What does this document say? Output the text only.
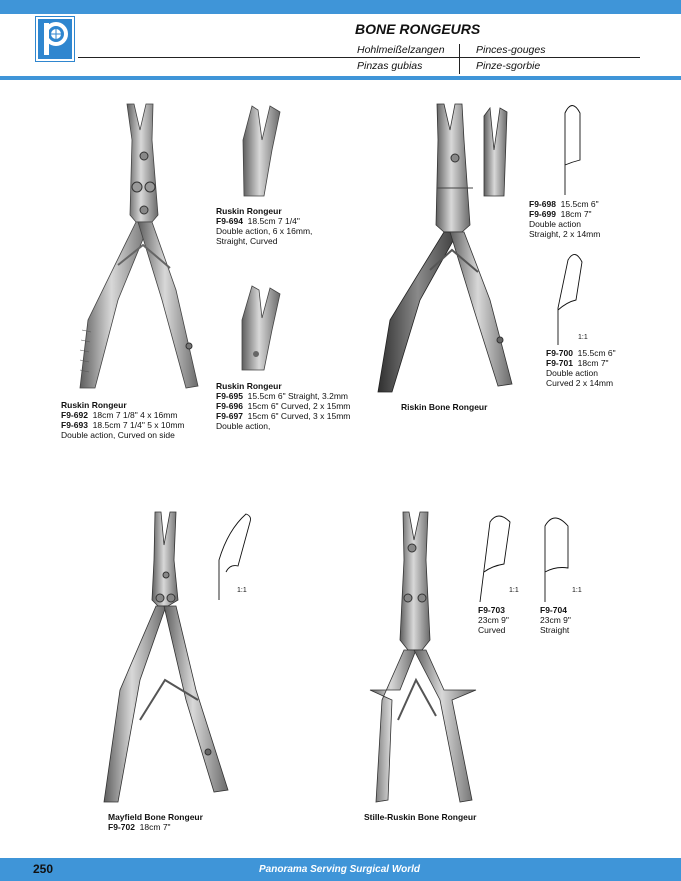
BONE RONGEURS
Hohlmeißelzangen	Pinces-gouges
Pinzas gubias	Pinze-sgorbie
Ruskin Rongeur
F9-692 18cm 7 1/8" 4 x 16mm
F9-693 18.5cm 7 1/4" 5 x 10mm
Double action, Curved on side
Ruskin Rongeur
F9-694 18.5cm 7 1/4"
Double action, 6 x 16mm,
Straight, Curved
Ruskin Rongeur
F9-695 15.5cm 6" Straight, 3.2mm
F9-696 15cm 6" Curved, 2 x 15mm
F9-697 15cm 6" Curved, 3 x 15mm
Double action,
Riskin Bone Rongeur
F9-698 15.5cm 6"
F9-699 18cm 7"
Double action
Straight, 2 x 14mm
1:1
F9-700 15.5cm 6"
F9-701 18cm 7"
Double action
Curved 2 x 14mm
1:1
Mayfield Bone Rongeur
F9-702 18cm 7"
1:1
F9-703
23cm 9"
Curved
1:1
F9-704
23cm 9"
Straight
Stille-Ruskin Bone Rongeur
250	Panorama Serving Surgical World
